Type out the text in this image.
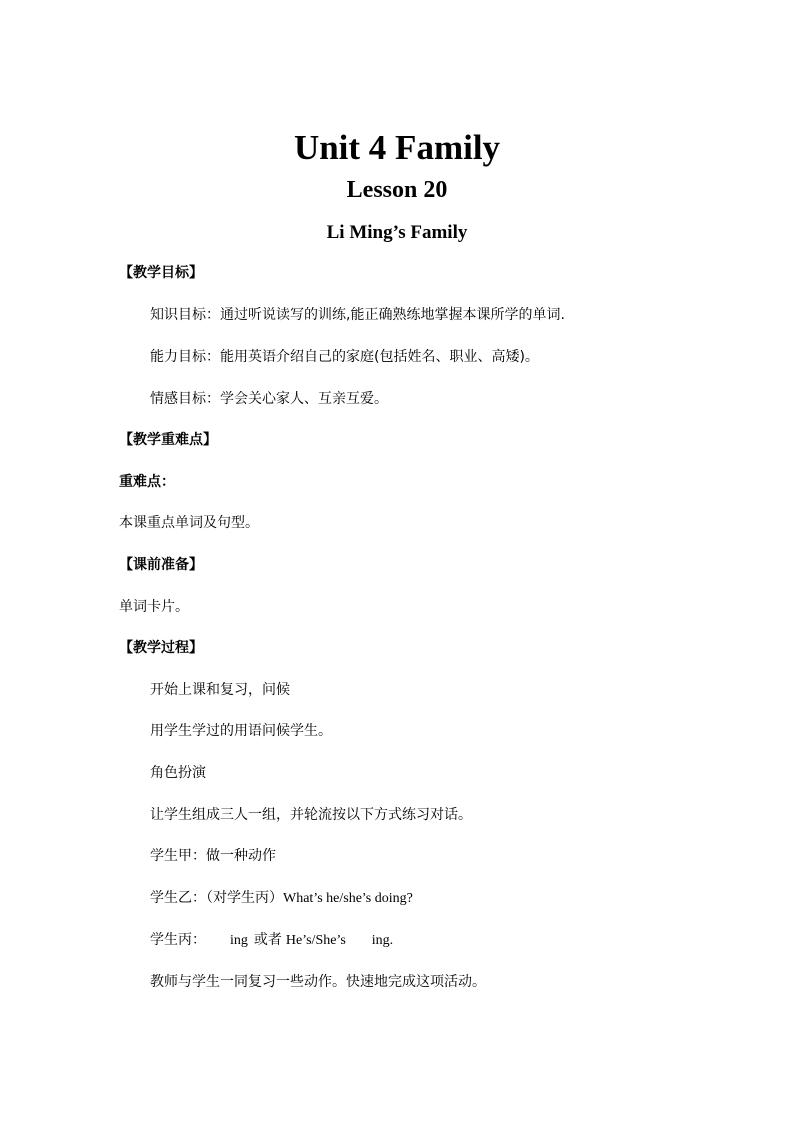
Unit 4 Family
Lesson 20
Li Ming’s Family
【教学目标】
知识目标：通过听说读写的训练,能正确熟练地掌握本课所学的单词.
能力目标：能用英语介绍自己的家庭(包括姓名、职业、高矮)。
情感目标：学会关心家人、互亲互爱。
【教学重难点】
重难点：
本课重点单词及句型。
【课前准备】
单词卡片。
【教学过程】
开始上课和复习，问候
用学生学过的用语问候学生。
角色扮演
让学生组成三人一组，并轮流按以下方式练习对话。
学生甲：做一种动作
学生乙：（对学生丙）What’s he/she’s doing?
学生丙： ing 或者 He’s/She’s ing.
教师与学生一同复习一些动作。快速地完成这项活动。
